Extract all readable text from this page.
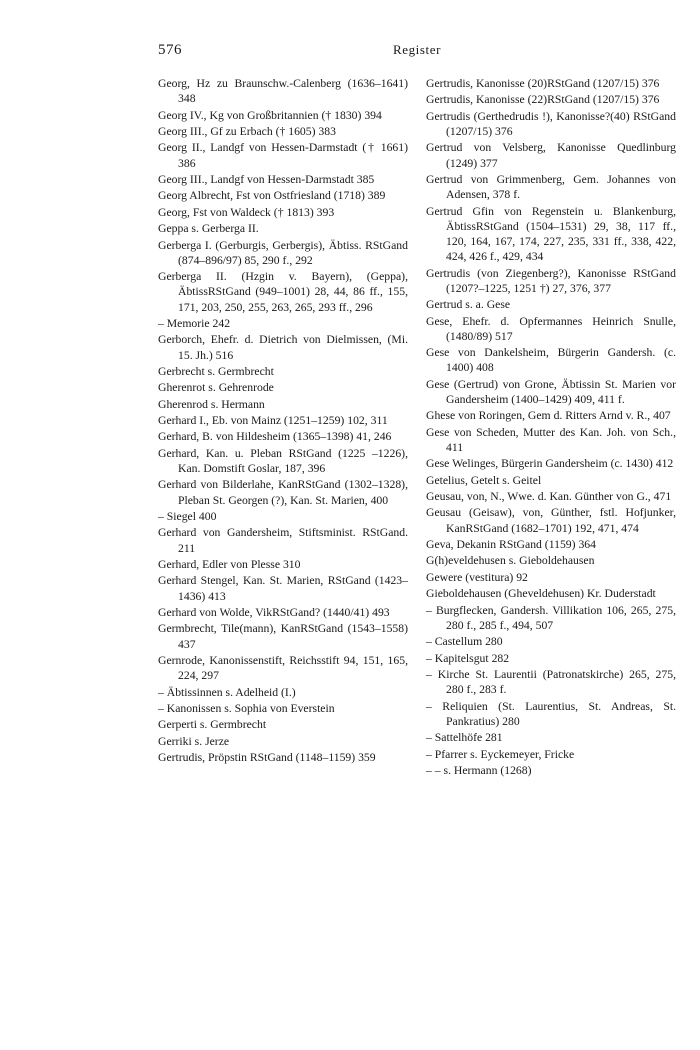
576	Register

Georg, Hz zu Braunschw.-Calenberg (1636–1641) 348

Georg IV., Kg von Großbritannien († 1830) 394

Georg III., Gf zu Erbach († 1605) 383

Georg II., Landgf von Hessen-Darmstadt († 1661) 386

Georg III., Landgf von Hessen-Darmstadt 385

Georg Albrecht, Fst von Ostfriesland (1718) 389

Georg, Fst von Waldeck († 1813) 393

Geppa s. Gerberga II.

Gerberga I. (Gerburgis, Gerbergis), Äbtiss. RStGand (874–896/97) 85, 290 f., 292

Gerberga II. (Hzgin v. Bayern), (Geppa), ÄbtissRStGand (949–1001) 28, 44, 86 ff., 155, 171, 203, 250, 255, 263, 265, 293 ff., 296

– Memorie 242

Gerborch, Ehefr. d. Dietrich von Dielmissen, (Mi. 15. Jh.) 516

Gerbrecht s. Germbrecht

Gherenrot s. Gehrenrode

Gherenrod s. Hermann

Gerhard I., Eb. von Mainz (1251–1259) 102, 311

Gerhard, B. von Hildesheim (1365–1398) 41, 246

Gerhard, Kan. u. Pleban RStGand (1225 –1226), Kan. Domstift Goslar, 187, 396

Gerhard von Bilderlahe, KanRStGand (1302–1328), Pleban St. Georgen (?), Kan. St. Marien, 400

– Siegel 400

Gerhard von Gandersheim, Stiftsminist. RStGand. 211

Gerhard, Edler von Plesse 310

Gerhard Stengel, Kan. St. Marien, RStGand (1423–1436) 413

Gerhard von Wolde, VikRStGand? (1440/41) 493

Germbrecht, Tile(mann), KanRStGand (1543–1558) 437

Gernrode, Kanonissenstift, Reichsstift 94, 151, 165, 224, 297

– Äbtissinnen s. Adelheid (I.)

– Kanonissen s. Sophia von Everstein

Gerperti s. Germbrecht

Gerriki s. Jerze

Gertrudis, Pröpstin RStGand (1148–1159) 359

Gertrudis, Kanonisse (20)RStGand (1207/15) 376

Gertrudis, Kanonisse (22)RStGand (1207/15) 376

Gertrudis (Gerthedrudis !), Kanonisse?(40) RStGand (1207/15) 376

Gertrud von Velsberg, Kanonisse Quedlinburg (1249) 377

Gertrud von Grimmenberg, Gem. Johannes von Adensen, 378 f.

Gertrud Gfin von Regenstein u. Blankenburg, ÄbtissRStGand (1504–1531) 29, 38, 117 ff., 120, 164, 167, 174, 227, 235, 331 ff., 338, 422, 424, 426 f., 429, 434

Gertrudis (von Ziegenberg?), Kanonisse RStGand (1207?–1225, 1251 †) 27, 376, 377

Gertrud s. a. Gese

Gese, Ehefr. d. Opfermannes Heinrich Snulle, (1480/89) 517

Gese von Dankelsheim, Bürgerin Gandersh. (c. 1400) 408

Gese (Gertrud) von Grone, Äbtissin St. Marien vor Gandersheim (1400–1429) 409, 411 f.

Ghese von Roringen, Gem d. Ritters Arnd v. R., 407

Gese von Scheden, Mutter des Kan. Joh. von Sch., 411

Gese Welinges, Bürgerin Gandersheim (c. 1430) 412

Getelius, Getelt s. Geitel

Geusau, von, N., Wwe. d. Kan. Günther von G., 471

Geusau (Geisaw), von, Günther, fstl. Hofjunker, KanRStGand (1682–1701) 192, 471, 474

Geva, Dekanin RStGand (1159) 364

G(h)eveldehusen s. Gieboldehausen

Gewere (vestitura) 92

Gieboldehausen (Gheveldehusen) Kr. Duderstadt

– Burgflecken, Gandersh. Villikation 106, 265, 275, 280 f., 285 f., 494, 507

– Castellum 280

– Kapitelsgut 282

– Kirche St. Laurentii (Patronatskirche) 265, 275, 280 f., 283 f.

– Reliquien (St. Laurentius, St. Andreas, St. Pankratius) 280

– Sattelhöfe 281

– Pfarrer s. Eyckemeyer, Fricke

– – s. Hermann (1268)
